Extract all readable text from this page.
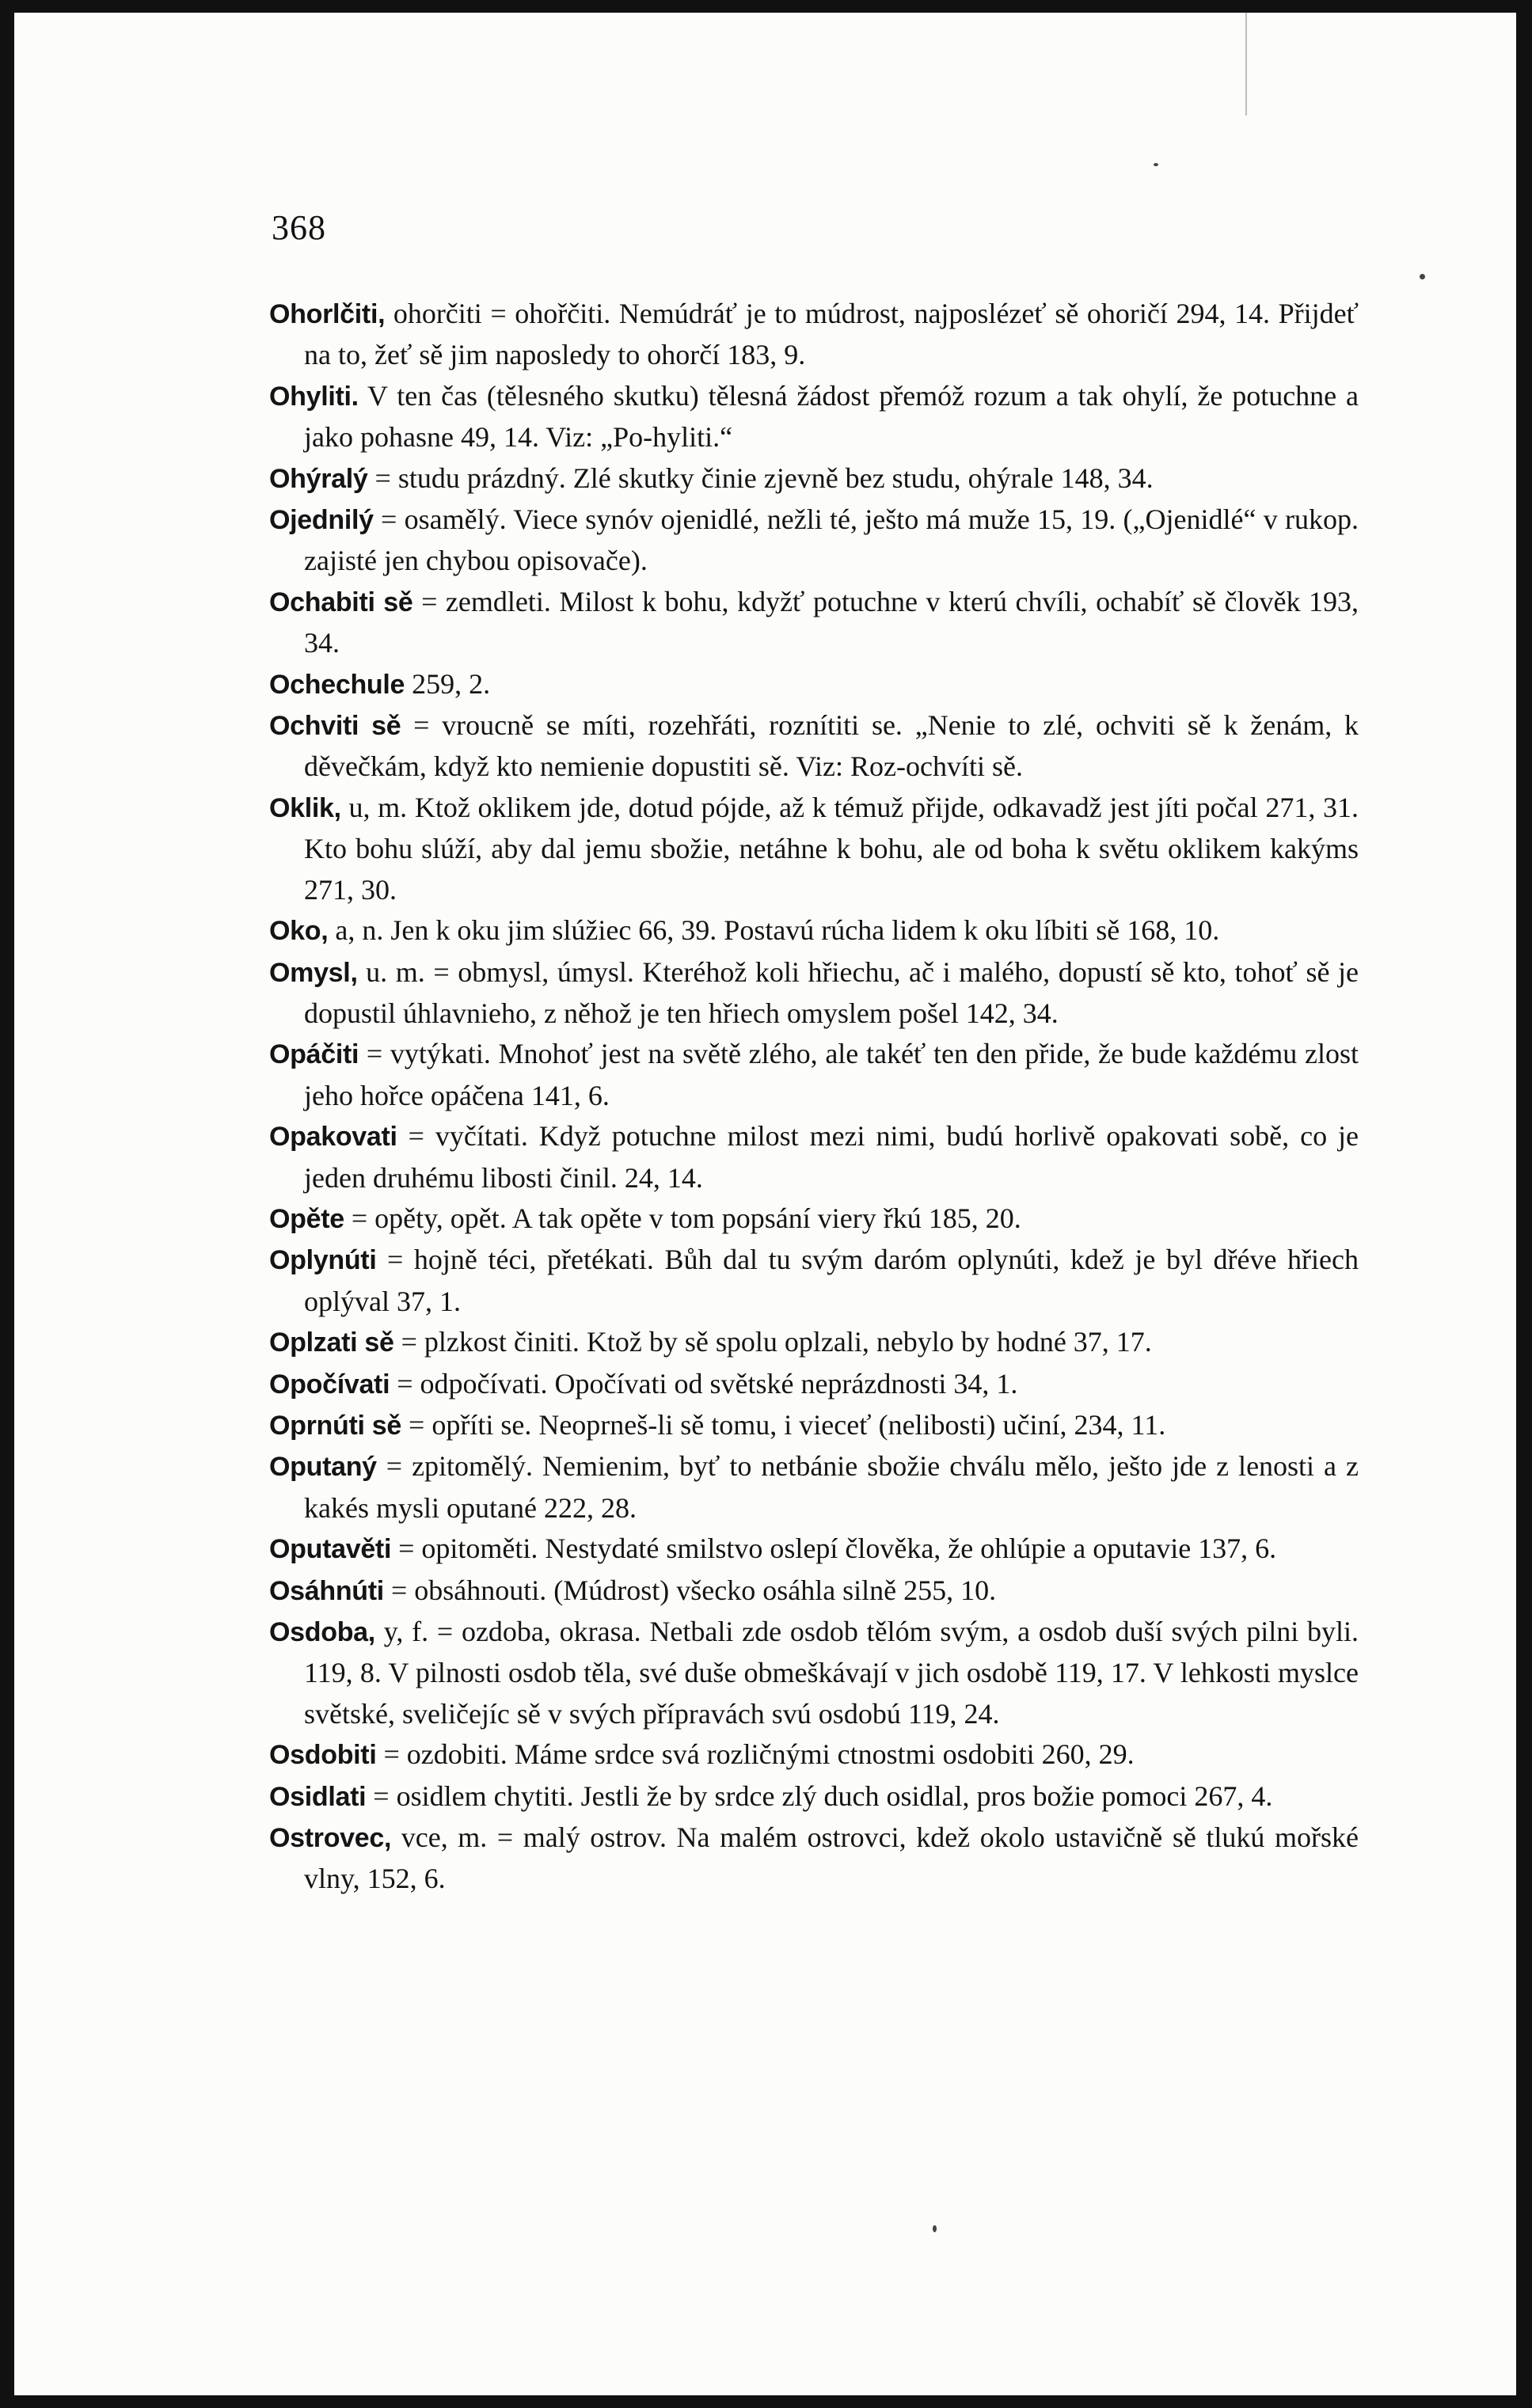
368

Ohorlčiti, ohorčiti = ohořčiti. Nemúdráť je to múdrost, najposlézeť sě ohoričí 294, 14. Přijdeť na to, žeť sě jim naposledy to ohorčí 183, 9.

Ohyliti. V ten čas (tělesného skutku) tělesná žádost přemóž rozum a tak ohylí, že potuchne a jako pohasne 49, 14. Viz: „Po-hyliti.“

Ohýralý = studu prázdný. Zlé skutky činie zjevně bez studu, ohýrale 148, 34.

Ojednilý = osamělý. Viece synóv ojenidlé, nežli té, ješto má muže 15, 19. („Ojenidlé“ v rukop. zajisté jen chybou opisovače).

Ochabiti sě = zemdleti. Milost k bohu, kdyžť potuchne v kterú chvíli, ochabíť sě člověk 193, 34.

Ochechule 259, 2.

Ochviti sě = vroucně se míti, rozehřáti, roznítiti se. „Nenie to zlé, ochviti sě k ženám, k děvečkám, když kto nemienie dopustiti sě. Viz: Roz-ochvíti sě.

Oklik, u, m. Ktož oklikem jde, dotud pójde, až k témuž přijde, odkavadž jest jíti počal 271, 31. Kto bohu slúží, aby dal jemu sbožie, netáhne k bohu, ale od boha k světu oklikem kakýms 271, 30.

Oko, a, n. Jen k oku jim slúžiec 66, 39. Postavú rúcha lidem k oku líbiti sě 168, 10.

Omysl, u. m. = obmysl, úmysl. Kteréhož koli hřiechu, ač i malého, dopustí sě kto, tohoť sě je dopustil úhlavnieho, z něhož je ten hřiech omyslem pošel 142, 34.

Opáčiti = vytýkati. Mnohoť jest na světě zlého, ale takéť ten den přide, že bude každému zlost jeho hořce opáčena 141, 6.

Opakovati = vyčítati. Když potuchne milost mezi nimi, budú horlivě opakovati sobě, co je jeden druhému libosti činil. 24, 14.

Opěte = opěty, opět. A tak opěte v tom popsání viery řkú 185, 20.

Oplynúti = hojně téci, přetékati. Bůh dal tu svým daróm oplynúti, kdež je byl dřéve hřiech oplýval 37, 1.

Oplzati sě = plzkost činiti. Ktož by sě spolu oplzali, nebylo by hodné 37, 17.

Opočívati = odpočívati. Opočívati od světské neprázdnosti 34, 1.

Oprnúti sě = opříti se. Neoprneš-li sě tomu, i vieceť (nelibosti) učiní, 234, 11.

Oputaný = zpitomělý. Nemienim, byť to netbánie sbožie chválu mělo, ješto jde z lenosti a z kakés mysli oputané 222, 28.

Oputavěti = opitoměti. Nestydaté smilstvo oslepí člověka, že ohlúpie a oputavie 137, 6.

Osáhnúti = obsáhnouti. (Múdrost) všecko osáhla silně 255, 10.

Osdoba, y, f. = ozdoba, okrasa. Netbali zde osdob tělóm svým, a osdob duší svých pilni byli. 119, 8. V pilnosti osdob těla, své duše obmeškávají v jich osdobě 119, 17. V lehkosti myslce světské, sveličejíc sě v svých přípravách svú osdobú 119, 24.

Osdobiti = ozdobiti. Máme srdce svá rozličnými ctnostmi osdobiti 260, 29.

Osidlati = osidlem chytiti. Jestli že by srdce zlý duch osidlal, pros božie pomoci 267, 4.

Ostrovec, vce, m. = malý ostrov. Na malém ostrovci, kdež okolo ustavičně sě tlukú mořské vlny, 152, 6.
